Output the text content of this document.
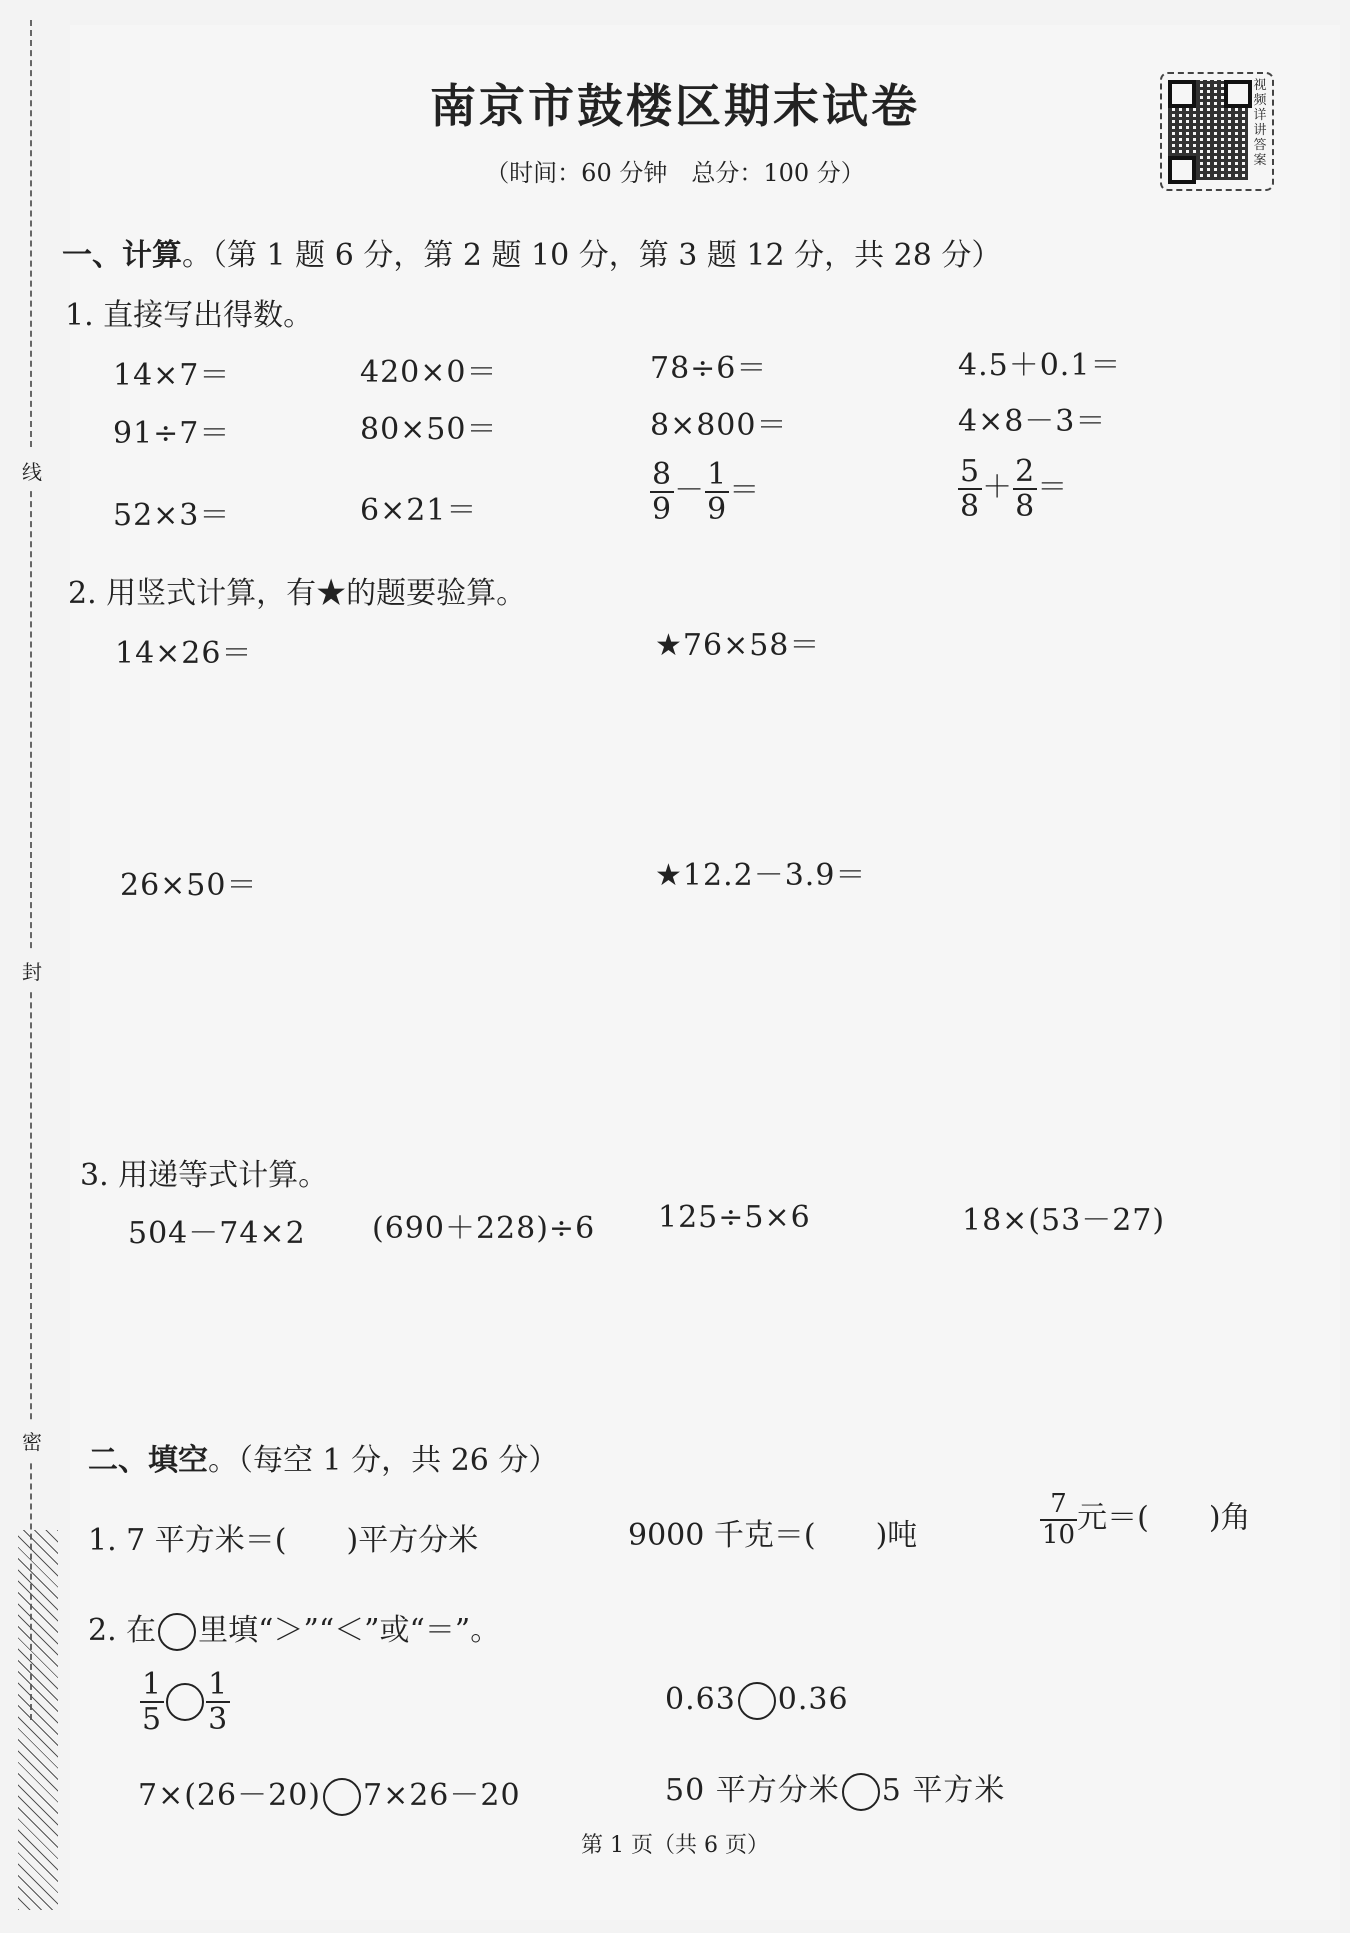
线
封
密
南京市鼓楼区期末试卷
（时间：60 分钟　总分：100 分）
视频详讲答案
一、计算。（第 1 题 6 分，第 2 题 10 分，第 3 题 12 分，共 28 分）
1. 直接写出得数。
14×7＝	420×0＝	78÷6＝	4.5＋0.1＝
91÷7＝	80×50＝	8×800＝	4×8－3＝
52×3＝	6×21＝	$\frac{8}{9} - \frac{1}{9}$ ＝	$\frac{5}{8} + \frac{2}{8}$ ＝
2. 用竖式计算，有★的题要验算。
14×26＝	★76×58＝
26×50＝	★12.2－3.9＝
3. 用递等式计算。
504－74×2 (690＋228)÷6 125÷5×6	18×(53－27)
二、填空。（每空 1 分，共 26 分）
1. 7 平方米＝( )平方分米	9000 千克＝( )吨	$\frac{7}{10}$ 元＝( )角
2. 在 里填“＞”“＜”或“＝”。
$\frac{1}{5} \frac{1}{3}$	0.63 0.36
7×(26－20) 7×26－20	50 平方分米 5 平方米
第 1 页（共 6 页）
